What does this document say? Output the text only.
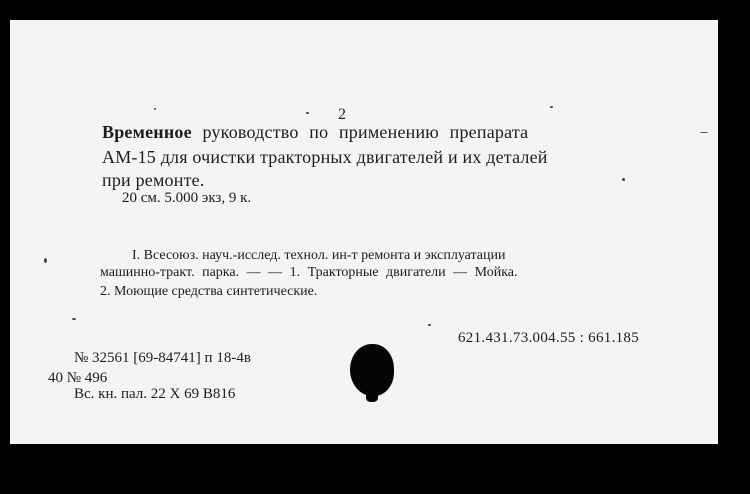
2
Временное руководство по применению препарата
АМ-15 для очистки тракторных двигателей и их деталей
при ремонте.
20 см. 5.000 экз, 9 к.
I. Всесоюз. науч.-исслед. технол. ин-т ремонта и эксплуатации
машинно-тракт. парка. — — 1. Тракторные двигатели — Мойка.
2. Моющие средства синтетические.
621.431.73.004.55 : 661.185
№ 32561 [69-84741] п 18-4в
40 № 496
Вс. кн. пал. 22 X 69 В816
